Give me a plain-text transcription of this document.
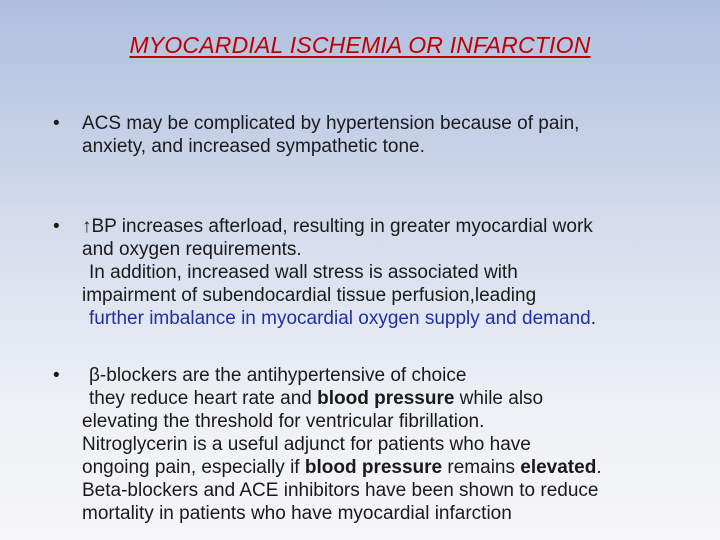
MYOCARDIAL ISCHEMIA OR INFARCTION
•	ACS may be complicated by hypertension because of pain,
anxiety, and increased sympathetic tone.
•	↑BP increases afterload, resulting in greater myocardial work
and oxygen requirements.
In addition, increased wall stress is associated with
impairment of subendocardial tissue perfusion,leading
further imbalance in myocardial oxygen supply and demand.
•	β-blockers are the antihypertensive of choice
they reduce heart rate and blood pressure while also
elevating the threshold for ventricular fibrillation.
Nitroglycerin is a useful adjunct for patients who have
ongoing pain, especially if blood pressure remains elevated.
Beta-blockers and ACE inhibitors have been shown to reduce
mortality in patients who have myocardial infarction
